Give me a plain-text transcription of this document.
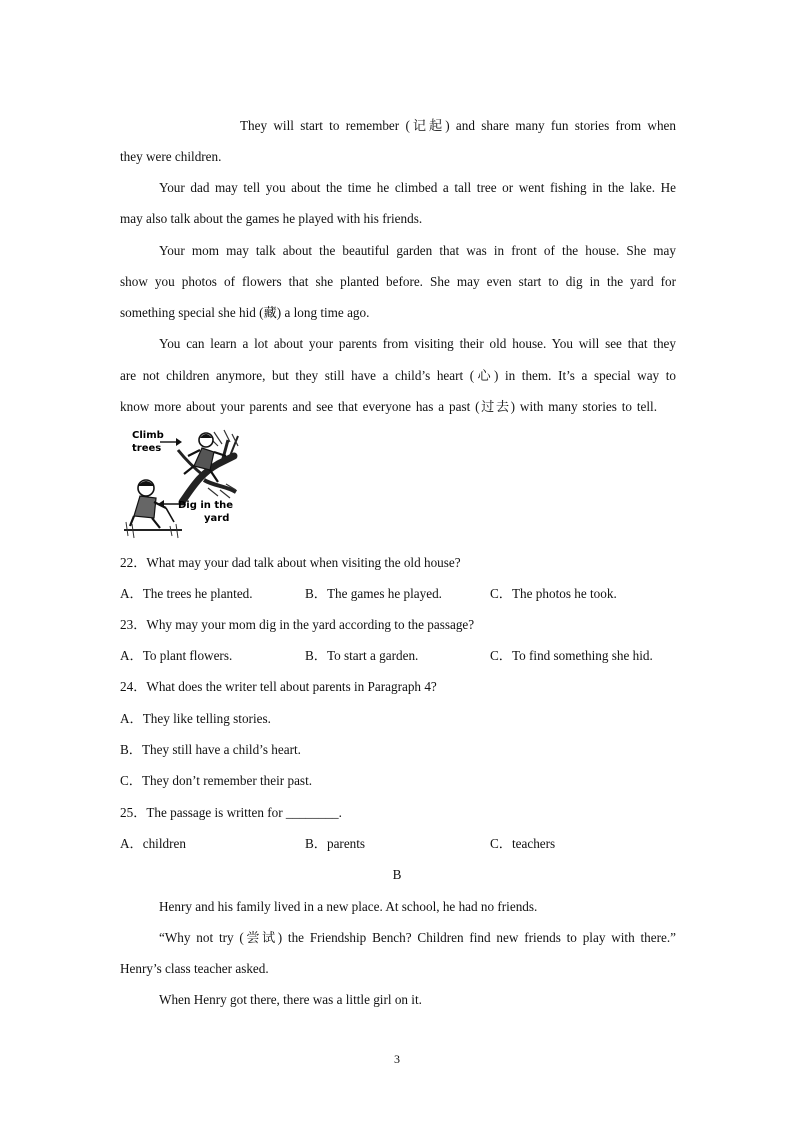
They will start to remember (记起) and share many fun stories from when
they were children.
Your dad may tell you about the time he climbed a tall tree or went fishing in the lake. He
may also talk about the games he played with his friends.
Your mom may talk about the beautiful garden that was in front of the house. She may
show you photos of flowers that she planted before. She may even start to dig in the yard for
something special she hid (藏) a long time ago.
You can learn a lot about your parents from visiting their old house. You will see that they
are not children anymore, but they still have a child’s heart (心) in them. It’s a special way to
know more about your parents and see that everyone has a past (过去) with many stories to tell.
Climb
trees
Dig in the
yard
22．What may your dad talk about when visiting the old house?
A．The trees he planted.	B．The games he played.	C．The photos he took.
23．Why may your mom dig in the yard according to the passage?
A．To plant flowers.	B．To start a garden.	C．To find something she hid.
24．What does the writer tell about parents in Paragraph 4?
A．They like telling stories.
B．They still have a child’s heart.
C．They don’t remember their past.
25．The passage is written for ________.
A．children	B．parents	C．teachers
B
Henry and his family lived in a new place. At school, he had no friends.
“Why not try (尝试) the Friendship Bench? Children find new friends to play with there.”
Henry’s class teacher asked.
When Henry got there, there was a little girl on it.
3
